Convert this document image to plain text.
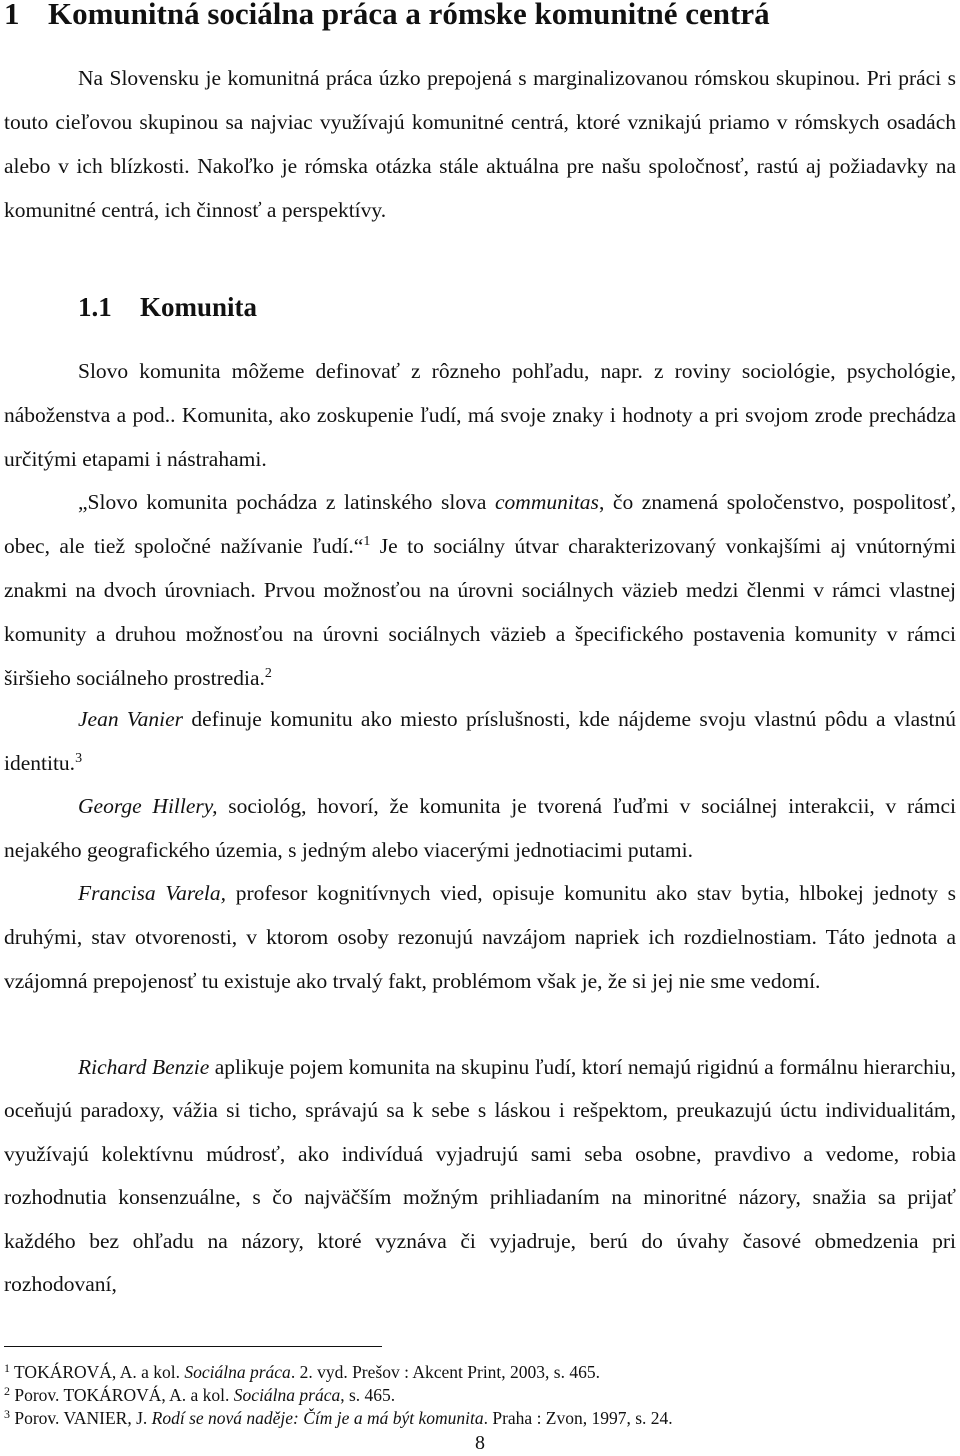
1 Komunitná sociálna práca a rómske komunitné centrá

Na Slovensku je komunitná práca úzko prepojená s marginalizovanou rómskou skupinou. Pri práci s touto cieľovou skupinou sa najviac využívajú komunitné centrá, ktoré vznikajú priamo v rómskych osadách alebo v ich blízkosti. Nakoľko je rómska otázka stále aktuálna pre našu spoločnosť, rastú aj požiadavky na komunitné centrá, ich činnosť a perspektívy.

1.1 Komunita

Slovo komunita môžeme definovať z rôzneho pohľadu, napr. z roviny sociológie, psychológie, náboženstva a pod.. Komunita, ako zoskupenie ľudí, má svoje znaky i hodnoty a pri svojom zrode prechádza určitými etapami i nástrahami.

„Slovo komunita pochádza z latinského slova communitas, čo znamená spoločenstvo, pospolitosť, obec, ale tiež spoločné nažívanie ľudí.“$^1$ Je to sociálny útvar charakterizovaný vonkajšími aj vnútornými znakmi na dvoch úrovniach. Prvou možnosťou na úrovni sociálnych väzieb medzi členmi v rámci vlastnej komunity a druhou možnosťou na úrovni sociálnych väzieb a špecifického postavenia komunity v rámci širšieho sociálneho prostredia.$^2$

Jean Vanier definuje komunitu ako miesto príslušnosti, kde nájdeme svoju vlastnú pôdu a vlastnú identitu.$^3$

George Hillery, sociológ, hovorí, že komunita je tvorená ľuďmi v sociálnej interakcii, v rámci nejakého geografického územia, s jedným alebo viacerými jednotiacimi putami.

Francisa Varela, profesor kognitívnych vied, opisuje komunitu ako stav bytia, hlbokej jednoty s druhými, stav otvorenosti, v ktorom osoby rezonujú navzájom napriek ich rozdielnostiam. Táto jednota a vzájomná prepojenosť tu existuje ako trvalý fakt, problémom však je, že si jej nie sme vedomí.

Richard Benzie aplikuje pojem komunita na skupinu ľudí, ktorí nemajú rigidnú a formálnu hierarchiu, oceňujú paradoxy, vážia si ticho, správajú sa k sebe s láskou i rešpektom, preukazujú úctu individualitám, využívajú kolektívnu múdrosť, ako indivíduá vyjadrujú sami seba osobne, pravdivo a vedome, robia rozhodnutia konsenzuálne, s čo najväčším možným prihliadaním na minoritné názory, snažia sa prijať každého bez ohľadu na názory, ktoré vyznáva či vyjadruje, berú do úvahy časové obmedzenia pri rozhodovaní,

$^1$ TOKÁROVÁ, A. a kol. Sociálna práca. 2. vyd. Prešov : Akcent Print, 2003, s. 465.
$^2$ Porov. TOKÁROVÁ, A. a kol. Sociálna práca, s. 465.
$^3$ Porov. VANIER, J. Rodí se nová naděje: Čím je a má být komunita. Praha : Zvon, 1997, s. 24.
8
